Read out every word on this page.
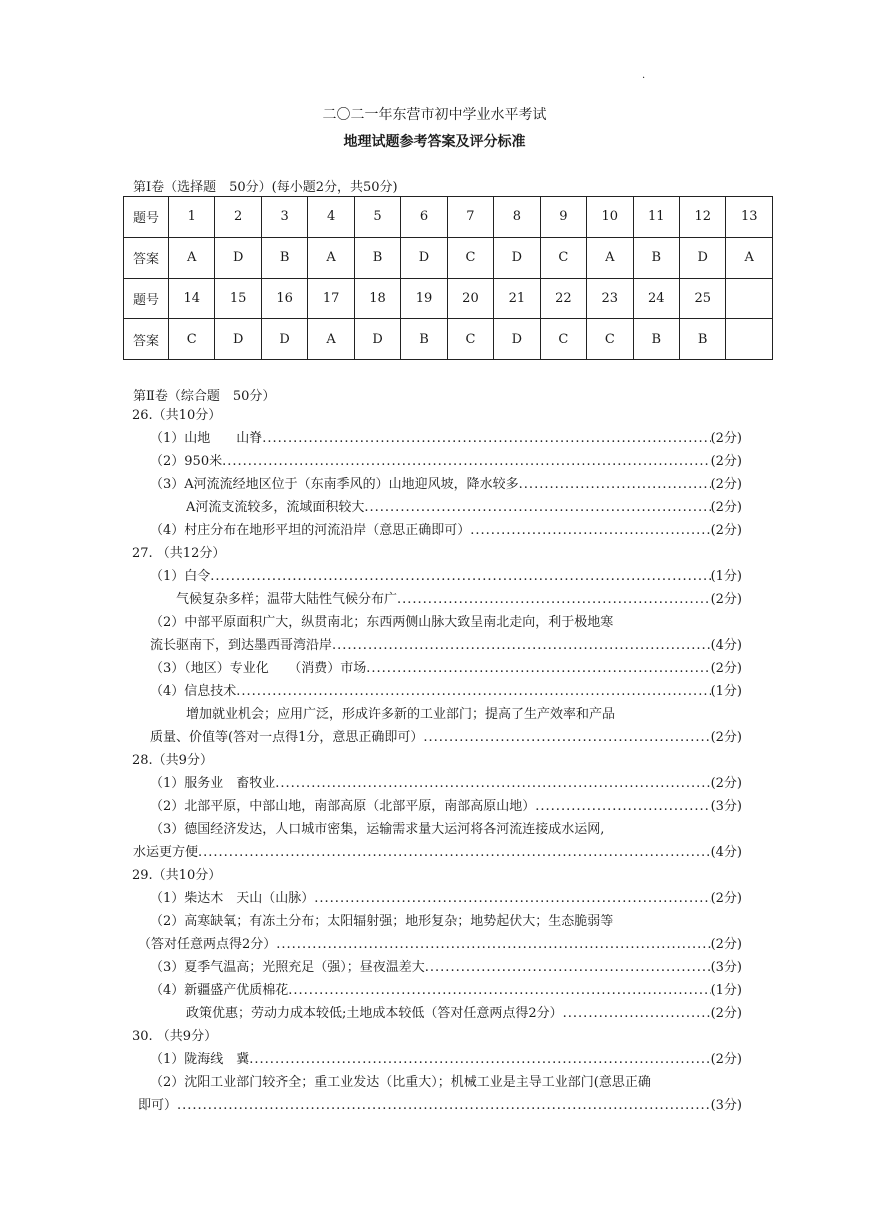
.
二〇二一年东营市初中学业水平考试
地理试题参考答案及评分标准
第Ⅰ卷（选择题　50分）(每小题2分，共50分)
题号	1	2	3	4	5	6	7	8	9	10	11	12	13
答案	A	D	B	A	B	D	C	D	C	A	B	D	A
题号	14	15	16	17	18	19	20	21	22	23	24	25	
答案	C	D	D	A	D	B	C	D	C	C	B	B	
第Ⅱ卷（综合题　50分）
26.（共10分）
（1）山地　　山脊 .....	(2分)
（2）950米 .....	(2分)
（3）A河流流经地区位于（东南季风的）山地迎风坡，降水较多 .....	(2分)
A河流支流较多，流域面积较大 .....	(2分)
（4）村庄分布在地形平坦的河流沿岸（意思正确即可） .....	(2分)
27. （共12分）
（1）白令 .....	(1分)
气候复杂多样；温带大陆性气候分布广 .....	(2分)
（2）中部平原面积广大，纵贯南北；东西两侧山脉大致呈南北走向，利于极地寒
流长驱南下，到达墨西哥湾沿岸 .....	(4分)
（3）（地区）专业化　　（消费）市场 .....	(2分)
（4）信息技术 .....	(1分)
增加就业机会；应用广泛，形成许多新的工业部门；提高了生产效率和产品
质量、价值等(答对一点得1分，意思正确即可） .....	(2分)
28.（共9分）
（1）服务业　畜牧业 .....	(2分)
（2）北部平原，中部山地，南部高原（北部平原，南部高原山地） .....	(3分)
（3）德国经济发达，人口城市密集，运输需求量大运河将各河流连接成水运网,
水运更方便 .....	(4分)
29.（共10分）
（1）柴达木　天山（山脉） .....	(2分)
（2）高寒缺氧；有冻土分布；太阳辐射强；地形复杂；地势起伏大；生态脆弱等
（答对任意两点得2分） .....	(2分)
（3）夏季气温高；光照充足（强）；昼夜温差大 .....	(3分)
（4）新疆盛产优质棉花 .....	(1分)
政策优惠；劳动力成本较低;土地成本较低（答对任意两点得2分） .....	(2分)
30. （共9分）
（1）陇海线　冀 .....	(2分)
（2）沈阳工业部门较齐全；重工业发达（比重大）；机械工业是主导工业部门(意思正确
即可） .....	(3分)
